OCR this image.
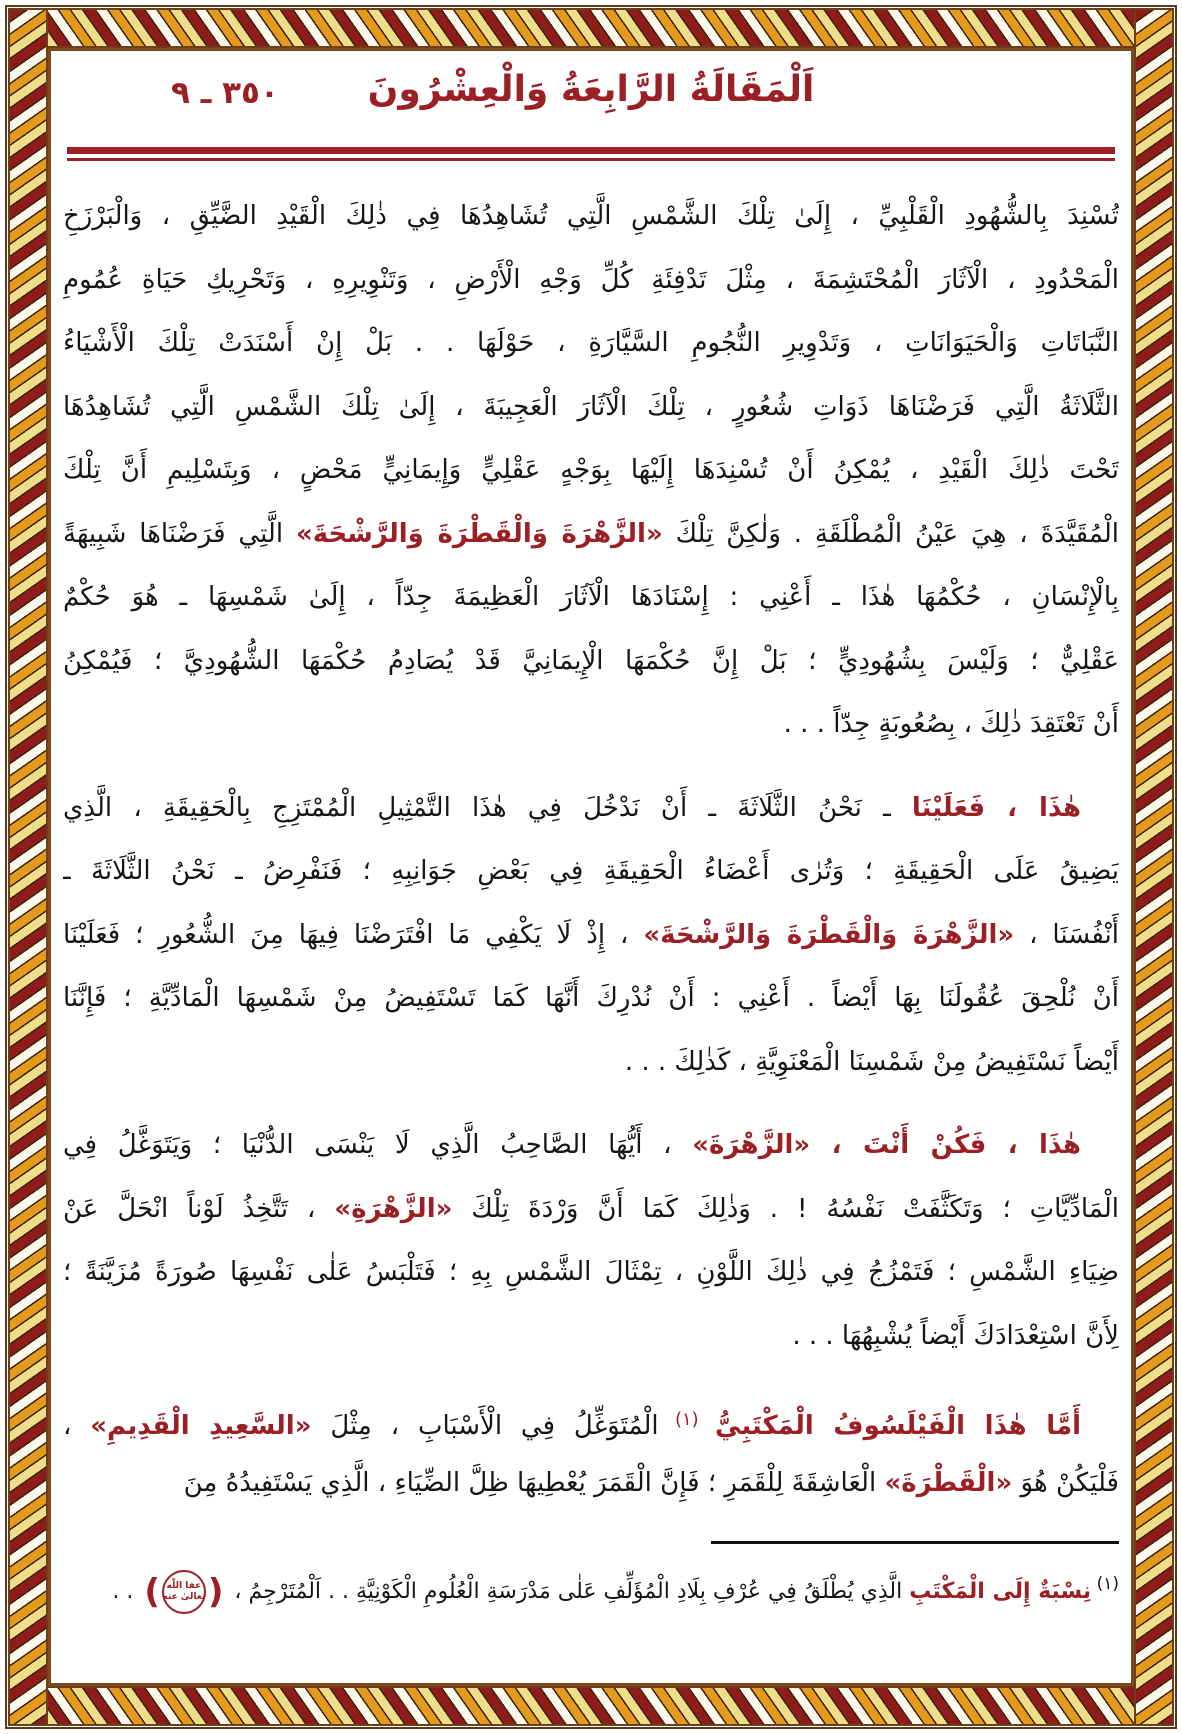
٣٥٠ ـ ٩ اَلْمَقَالَةُ الرَّابِعَةُ وَالْعِشْرُونَ
تُسْنِدَ بِالشُّهُودِ الْقَلْبِيِّ ، إِلَىٰ تِلْكَ الشَّمْسِ الَّتِي تُشَاهِدُهَا فِي ذٰلِكَ الْقَيْدِ الضَّيِّقِ ، وَالْبَرْزَخِ
الْمَحْدُودِ ، الْآثَارَ الْمُحْتَشِمَةَ ، مِثْلَ تَدْفِئَةِ كُلِّ وَجْهِ الْأَرْضِ ، وَتَنْوِيرِهِ ، وَتَحْرِيكِ حَيَاةِ عُمُومِ
النَّبَاتَاتِ وَالْحَيَوَانَاتِ ، وَتَدْوِيرِ النُّجُومِ السَّيَّارَةِ ، حَوْلَهَا . . بَلْ إِنْ أَسْنَدَتْ تِلْكَ الْأَشْيَاءُ
الثَّلَاثَةُ الَّتِي فَرَضْنَاهَا ذَوَاتِ شُعُورٍ ، تِلْكَ الْآثَارَ الْعَجِيبَةَ ، إِلَىٰ تِلْكَ الشَّمْسِ الَّتِي تُشَاهِدُهَا
تَحْتَ ذٰلِكَ الْقَيْدِ ، يُمْكِنُ أَنْ تُسْنِدَهَا إِلَيْهَا بِوَجْهٍ عَقْلِيٍّ وَإِيمَانِيٍّ مَحْضٍ ، وَبِتَسْلِيمِ أَنَّ تِلْكَ
الْمُقَيَّدَةَ ، هِيَ عَيْنُ الْمُطْلَقَةِ . وَلٰكِنَّ تِلْكَ «الزَّهْرَةَ وَالْقَطْرَةَ وَالرَّشْحَةَ» الَّتِي فَرَضْنَاهَا شَبِيهَةً
بِالْإِنْسَانِ ، حُكْمُهَا هٰذَا ـ أَعْنِي : إِسْنَادَهَا الْآثَارَ الْعَظِيمَةَ جِدّاً ، إِلَىٰ شَمْسِهَا ـ هُوَ حُكْمٌ
عَقْلِيٌّ ؛ وَلَيْسَ بِشُهُودِيٍّ ؛ بَلْ إِنَّ حُكْمَهَا الْإِيمَانِيَّ قَدْ يُصَادِمُ حُكْمَهَا الشُّهُودِيَّ ؛ فَيُمْكِنُ
أَنْ تَعْتَقِدَ ذٰلِكَ ، بِصُعُوبَةٍ جِدّاً . . .
هٰذَا ، فَعَلَيْنَا ـ نَحْنُ الثَّلَاثَةَ ـ أَنْ نَدْخُلَ فِي هٰذَا التَّمْثِيلِ الْمُمْتَزِجِ بِالْحَقِيقَةِ ، الَّذِي
يَضِيقُ عَلَى الْحَقِيقَةِ ؛ وَتُرٰى أَعْضَاءُ الْحَقِيقَةِ فِي بَعْضِ جَوَانِبِهِ ؛ فَنَفْرِضُ ـ نَحْنُ الثَّلَاثَةَ ـ
أَنْفُسَنَا ، «الزَّهْرَةَ وَالْقَطْرَةَ وَالرَّشْحَةَ» ، إِذْ لَا يَكْفِي مَا افْتَرَضْنَا فِيهَا مِنَ الشُّعُورِ ؛ فَعَلَيْنَا
أَنْ نُلْحِقَ عُقُولَنَا بِهَا أَيْضاً . أَعْنِي : أَنْ نُدْرِكَ أَنَّهَا كَمَا تَسْتَفِيضُ مِنْ شَمْسِهَا الْمَادِّيَّةِ ؛ فَإِنَّنَا
أَيْضاً نَسْتَفِيضُ مِنْ شَمْسِنَا الْمَعْنَوِيَّةِ ، كَذٰلِكَ . . .
هٰذَا ، فَكُنْ أَنْتَ ، «الزَّهْرَةَ» ، أَيُّهَا الصَّاحِبُ الَّذِي لَا يَنْسَى الدُّنْيَا ؛ وَيَتَوَغَّلُ فِي
الْمَادِّيَّاتِ ؛ وَتَكَثَّفَتْ نَفْسُهُ ! . وَذٰلِكَ كَمَا أَنَّ وَرْدَةَ تِلْكَ «الزَّهْرَةِ» ، تَتَّخِذُ لَوْناً انْحَلَّ عَنْ
ضِيَاءِ الشَّمْسِ ؛ فَتَمْزُجُ فِي ذٰلِكَ اللَّوْنِ ، تِمْثَالَ الشَّمْسِ بِهِ ؛ فَتَلْبَسُ عَلٰى نَفْسِهَا صُورَةً مُزَيَّنَةً ؛
لِأَنَّ اسْتِعْدَادَكَ أَيْضاً يُشْبِهُهَا . . .
أَمَّا هٰذَا الْفَيْلَسُوفُ الْمَكْتَبِيُّ $^{(١)}$ الْمُتَوَغِّلُ فِي الْأَسْبَابِ ، مِثْلَ «السَّعِيدِ الْقَدِيمِ» ،
فَلْيَكُنْ هُوَ «الْقَطْرَةَ» الْعَاشِقَةَ لِلْقَمَرِ ؛ فَإِنَّ الْقَمَرَ يُعْطِيهَا ظِلَّ الضِّيَاءِ ، الَّذِي يَسْتَفِيدُهُ مِنَ
$^{(١)}$ نِسْبَةٌ إِلَى الْمَكْتَبِ الَّذِي يُطْلَقُ فِي عُرْفِ بِلَادِ الْمُؤَلِّفِ عَلٰى مَدْرَسَةِ الْعُلُومِ الْكَوْنِيَّةِ . . اَلْمُتَرْجِمُ ،
(
عفا اللّٰه
تعالىٰ عنه
)
. .
